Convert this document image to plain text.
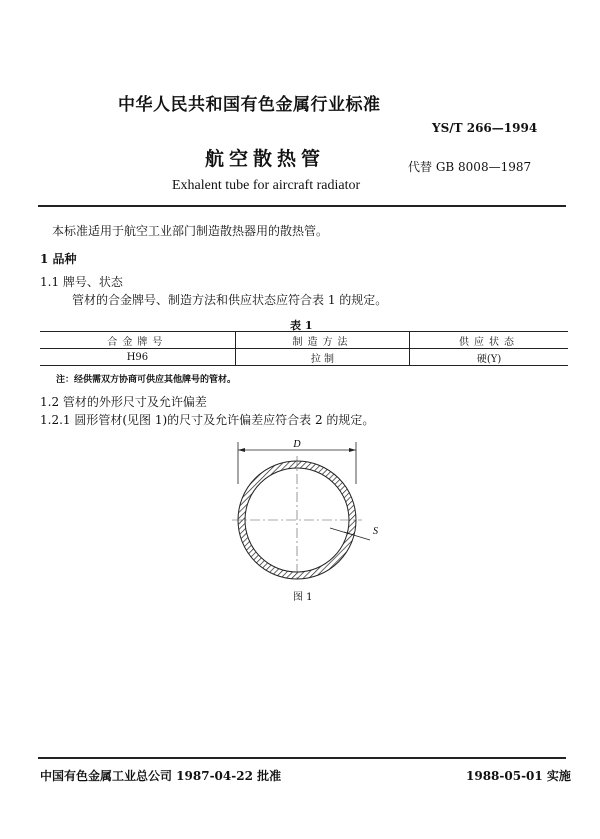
中华人民共和国有色金属行业标准
YS/T 266—1994
航空散热管	代替 GB 8008—1987
Exhalent tube for aircraft radiator
本标准适用于航空工业部门制造散热器用的散热管。
1 品种
1.1 牌号、状态
管材的合金牌号、制造方法和供应状态应符合表 1 的规定。
表 1
合金牌号	制造方法	供应状态
H96	拉 制	硬(Y)
注：经供需双方协商可供应其他牌号的管材。
1.2 管材的外形尺寸及允许偏差
1.2.1 圆形管材(见图 1)的尺寸及允许偏差应符合表 2 的规定。
D
S
图 1
中国有色金属工业总公司 1987-04-22 批准	1988-05-01 实施
